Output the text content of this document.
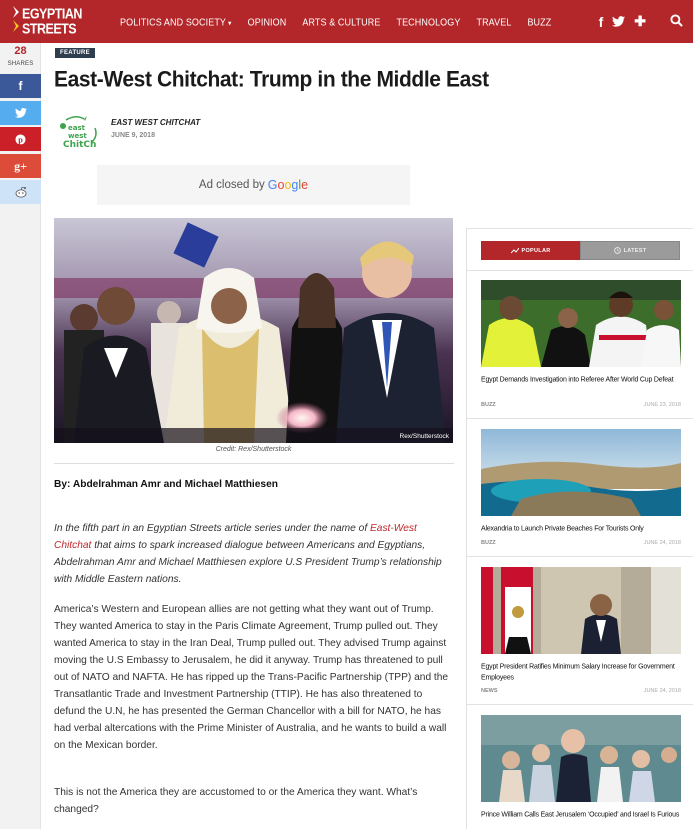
EGYPTIAN
STREETS	POLITICS AND SOCIETY ▾ OPINION ARTS & CULTURE TECHNOLOGY TRAVEL BUZZ	f ✚
28
SHARES
f
p
g+
FEATURE
East-West Chitchat: Trump in the Middle East
east
west
ChitCh
EAST WEST CHITCHAT
JUNE 9, 2018
Ad closed by Google
Rex/Shutterstock
Credit: Rex/Shutterstock
By: Abdelrahman Amr and Michael Matthiesen

In the fifth part in an Egyptian Streets article series under the name of East-West Chitchat that aims to spark increased dialogue between Americans and Egyptians, Abdelrahman Amr and Michael Matthiesen explore U.S President Trump’s relationship with Middle Eastern nations.

America’s Western and European allies are not getting what they want out of Trump. They wanted America to stay in the Paris Climate Agreement, Trump pulled out. They wanted America to stay in the Iran Deal, Trump pulled out. They advised Trump against moving the U.S Embassy to Jerusalem, he did it anyway. Trump has threatened to pull out of NATO and NAFTA. He has ripped up the Trans-Pacific Partnership (TPP) and the Transatlantic Trade and Investment Partnership (TTIP). He has also threatened to defund the U.N, he has presented the German Chancellor with a bill for NATO, he has had verbal altercations with the Prime Minister of Australia, and he wants to build a wall on the Mexican border.

This is not the America they are accustomed to or the America they want. What’s changed?

POPULAR	LATEST
Egypt Demands Investigation into Referee After World Cup Defeat
BUZZ	JUNE 23, 2018
Alexandria to Launch Private Beaches For Tourists Only
BUZZ	JUNE 24, 2018
Egypt President Ratifies Minimum Salary Increase for Government Employees
NEWS	JUNE 24, 2018
Prince William Calls East Jerusalem ‘Occupied’ and Israel Is Furious
